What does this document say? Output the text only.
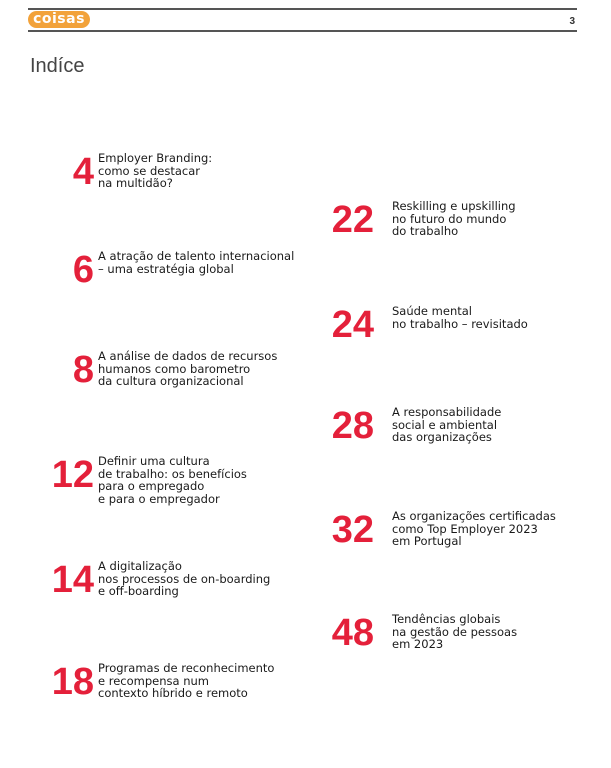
coisas	3
Indíce
4 Employer Branding:
como se destacar
na multidão?
6 A atração de talento internacional
– uma estratégia global
8 A análise de dados de recursos
humanos como barometro
da cultura organizacional
12 Definir uma cultura
de trabalho: os benefícios
para o empregado
e para o empregador
14 A digitalização
nos processos de on-boarding
e off-boarding
18 Programas de reconhecimento
e recompensa num
contexto híbrido e remoto
22 Reskilling e upskilling
no futuro do mundo
do trabalho
24 Saúde mental
no trabalho – revisitado
28 A responsabilidade
social e ambiental
das organizações
32 As organizações certificadas
como Top Employer 2023
em Portugal
48 Tendências globais
na gestão de pessoas
em 2023
